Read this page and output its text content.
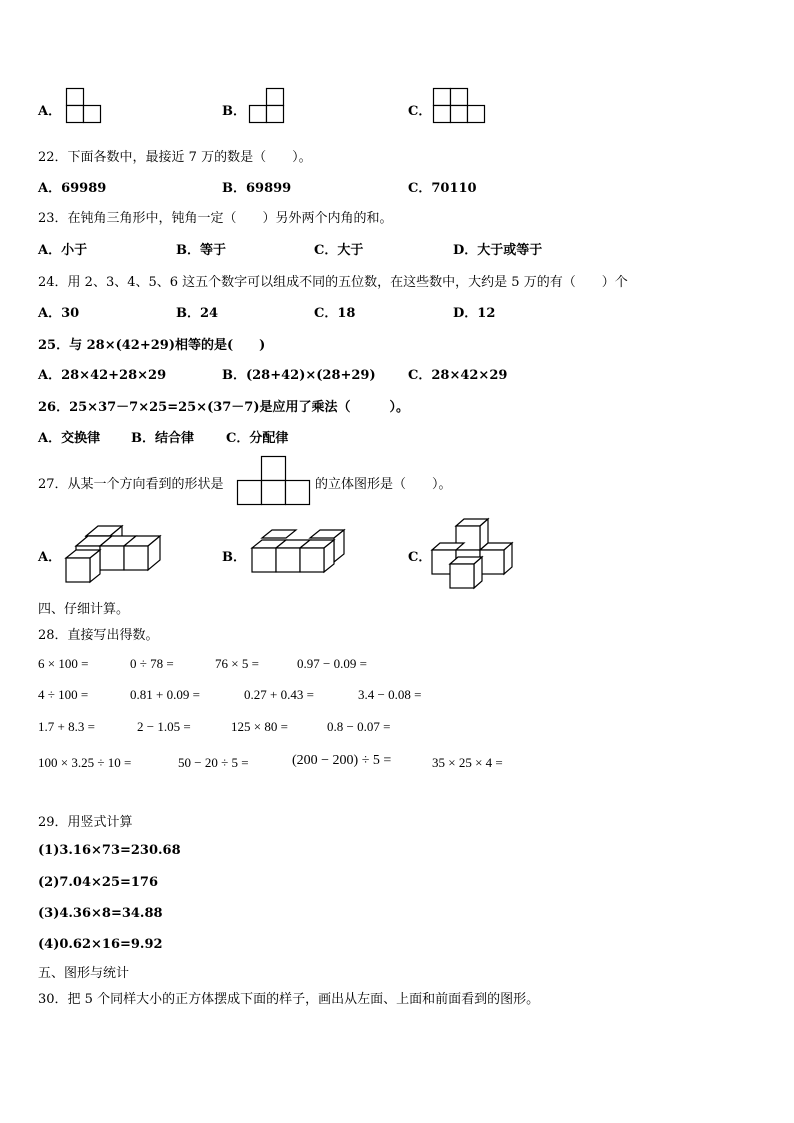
A．	B．	C．
22．下面各数中，最接近 7 万的数是（　　）。
A．69989	B．69899	C．70110
23．在钝角三角形中，钝角一定（　　）另外两个内角的和。
A．小于	B．等于	C．大于	D．大于或等于
24．用 2、3、4、5、6 这五个数字可以组成不同的五位数，在这些数中，大约是 5 万的有（　　）个
A．30	B．24	C．18	D．12
25．与 28×(42+29)相等的是(　　)
A．28×42+28×29	B．(28+42)×(28+29) C．28×42×29
26．25×37－7×25=25×(37－7)是应用了乘法（　　　）。
A．交换律 B．结合律 C．分配律
27．从某一个方向看到的形状是	的立体图形是（　　）。
A．	B．	C．
四、仔细计算。
28．直接写出得数。
6 × 100 =	0 ÷ 78 =	76 × 5 =	0.97 − 0.09 =
4 ÷ 100 =	0.81 + 0.09 =	0.27 + 0.43 =	3.4 − 0.08 =
1.7 + 8.3 =	2 − 1.05 =	125 × 80 =	0.8 − 0.07 =
100 × 3.25 ÷ 10 =	50 − 20 ÷ 5 =	(200 − 200) ÷ 5 =	35 × 25 × 4 =
29．用竖式计算
(1)3.16×73=230.68
(2)7.04×25=176
(3)4.36×8=34.88
(4)0.62×16=9.92
五、图形与统计
30．把 5 个同样大小的正方体摆成下面的样子，画出从左面、上面和前面看到的图形。
